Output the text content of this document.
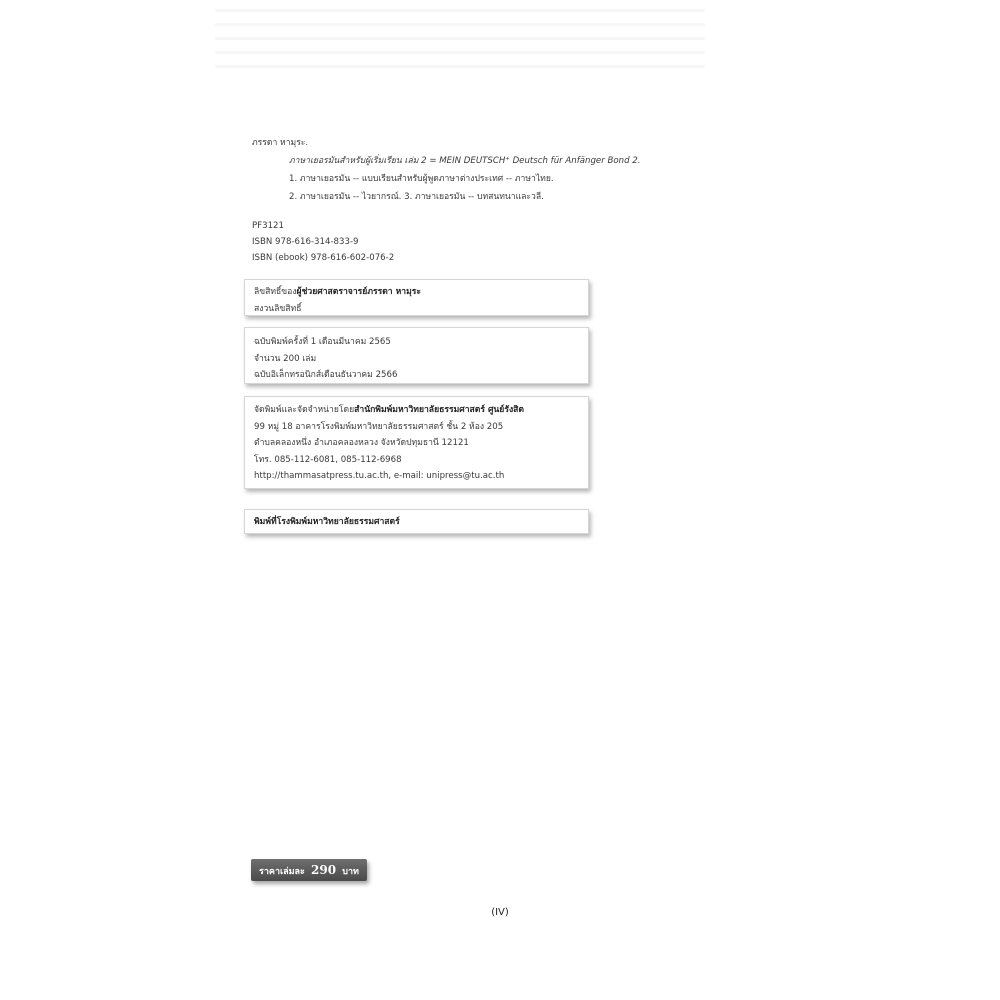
ภรรดา หามุระ.
ภาษาเยอรมันสำหรับผู้เริ่มเรียน เล่ม 2 = MEIN DEUTSCH⁺ Deutsch für Anfänger Bond 2.
1. ภาษาเยอรมัน -- แบบเรียนสำหรับผู้พูดภาษาต่างประเทศ -- ภาษาไทย.
2. ภาษาเยอรมัน -- ไวยากรณ์. 3. ภาษาเยอรมัน -- บทสนทนาและวลี.
PF3121
ISBN 978-616-314-833-9
ISBN (ebook) 978-616-602-076-2
ลิขสิทธิ์ของผู้ช่วยศาสตราจารย์ภรรดา หามุระ
สงวนลิขสิทธิ์
ฉบับพิมพ์ครั้งที่ 1 เดือนมีนาคม 2565
จำนวน 200 เล่ม
ฉบับอิเล็กทรอนิกส์เดือนธันวาคม 2566
จัดพิมพ์และจัดจำหน่ายโดยสำนักพิมพ์มหาวิทยาลัยธรรมศาสตร์ ศูนย์รังสิต
99 หมู่ 18 อาคารโรงพิมพ์มหาวิทยาลัยธรรมศาสตร์ ชั้น 2 ห้อง 205
ตำบลคลองหนึ่ง อำเภอคลองหลวง จังหวัดปทุมธานี 12121
โทร. 085-112-6081, 085-112-6968
http://thammasatpress.tu.ac.th, e-mail: unipress@tu.ac.th
พิมพ์ที่โรงพิมพ์มหาวิทยาลัยธรรมศาสตร์
ราคาเล่มละ 290 บาท
(IV)
